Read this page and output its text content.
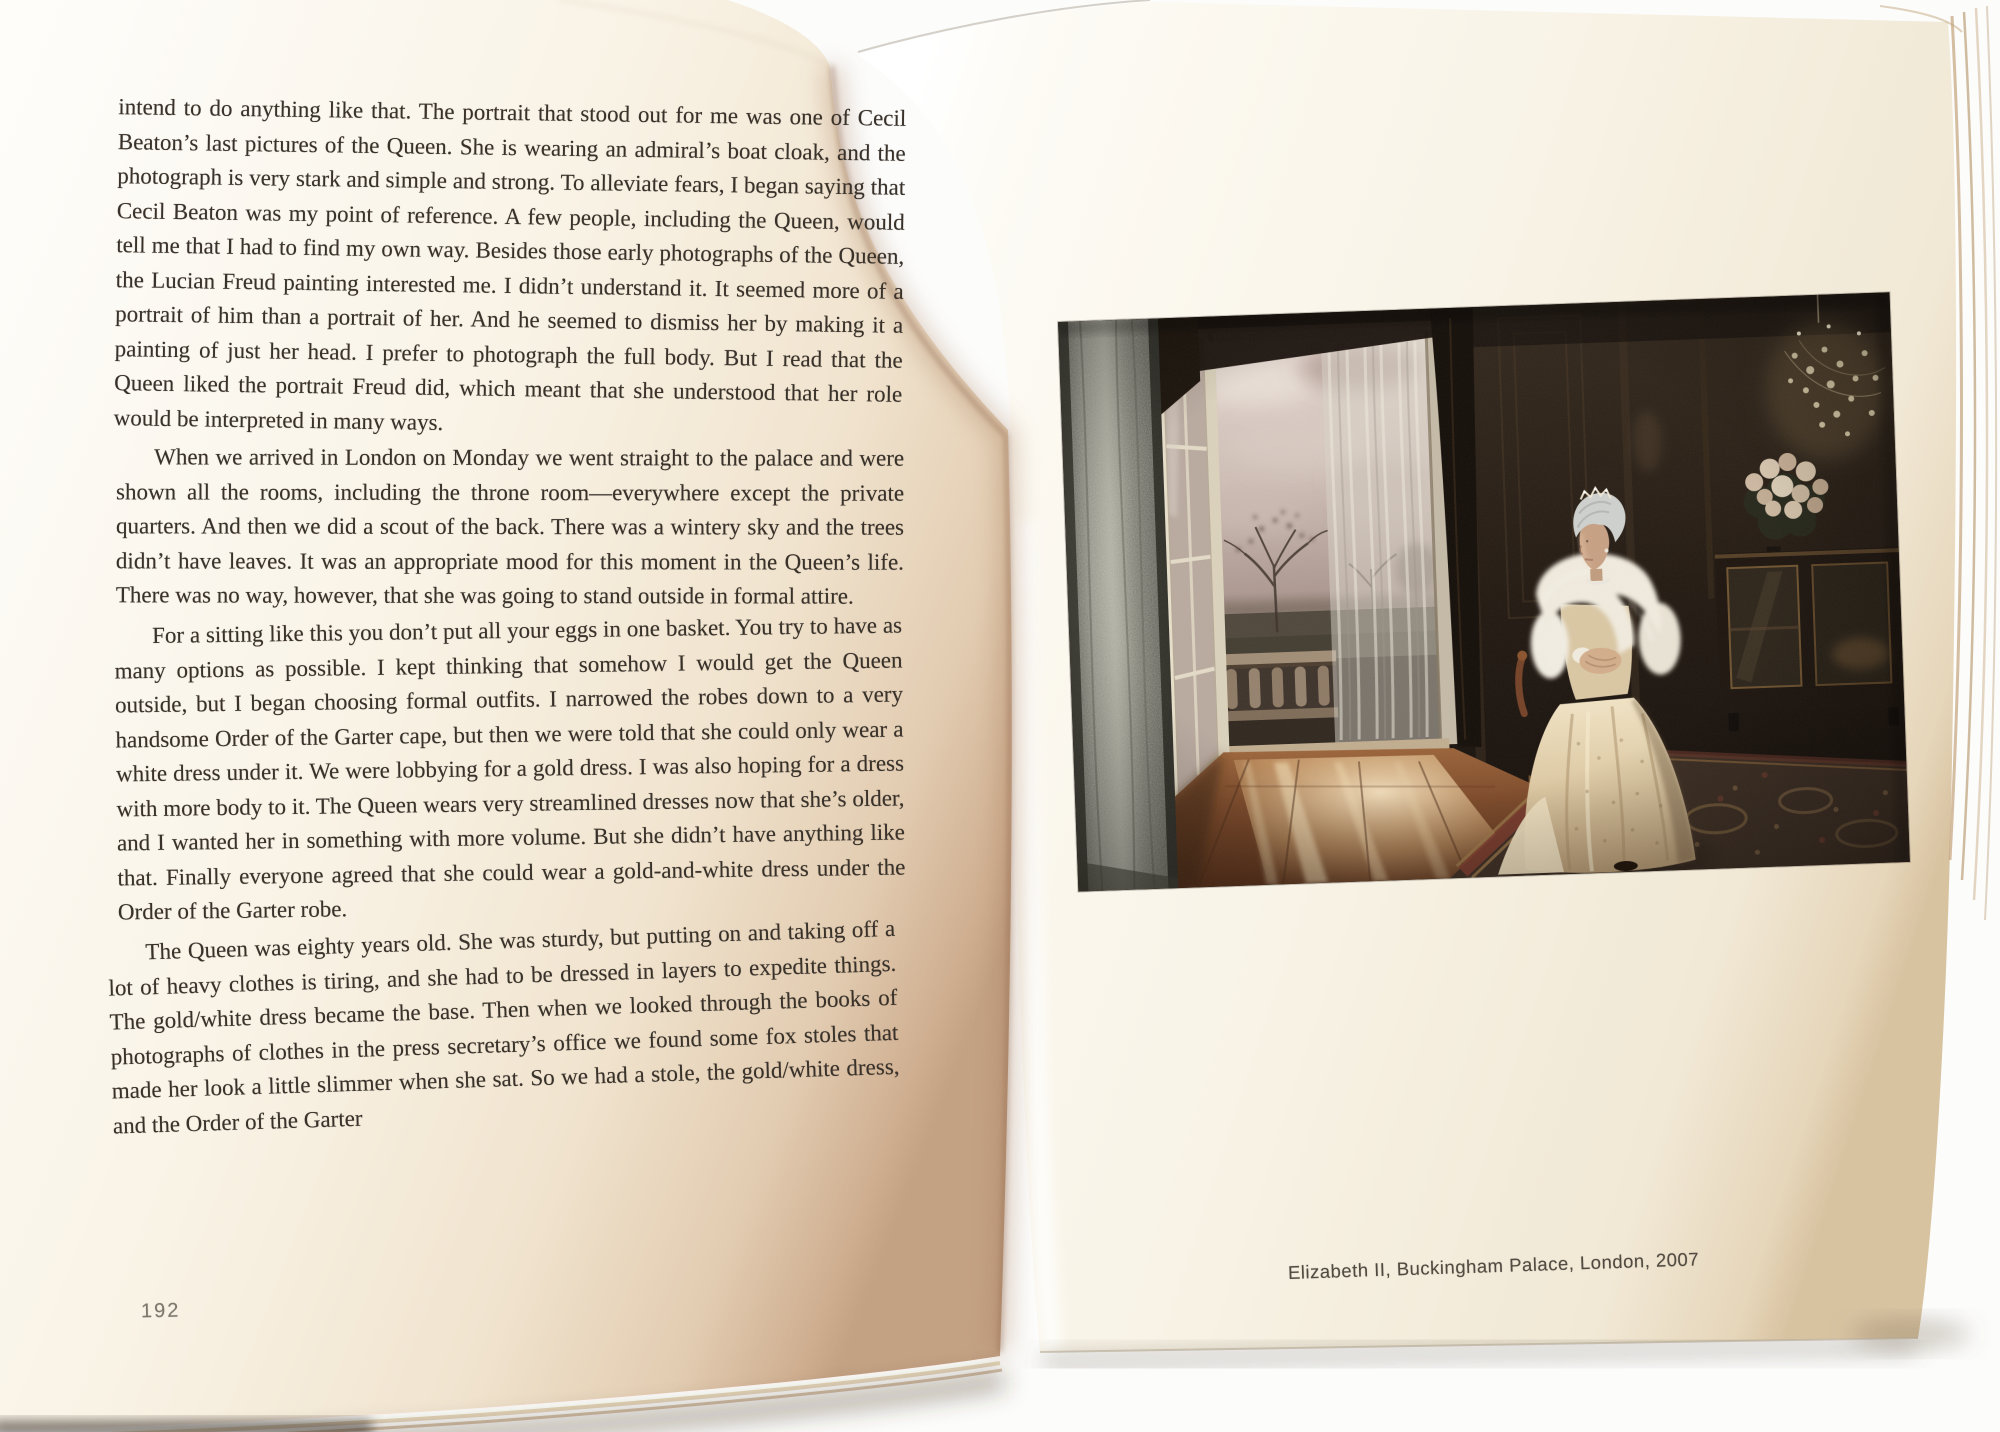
intend to do anything like that. The portrait that stood out for me was one of Cecil Beaton’s last pictures of the Queen. She is wearing an admiral’s boat cloak, and the photograph is very stark and simple and strong. To alleviate fears, I began saying that Cecil Beaton was my point of reference. A few people, including the Queen, would tell me that I had to find my own way. Besides those early photographs of the Queen, the Lucian Freud painting interested me. I didn’t understand it. It seemed more of a portrait of him than a portrait of her. And he seemed to dismiss her by making it a painting of just her head. I prefer to photograph the full body. But I read that the Queen liked the portrait Freud did, which meant that she understood that her role would be interpreted in many ways.

When we arrived in London on Monday we went straight to the palace and were shown all the rooms, including the throne room—everywhere except the private quarters. And then we did a scout of the back. There was a wintery sky and the trees didn’t have leaves. It was an appropriate mood for this moment in the Queen’s life. There was no way, however, that she was going to stand outside in formal attire.

For a sitting like this you don’t put all your eggs in one basket. You try to have as many options as possible. I kept thinking that somehow I would get the Queen outside, but I began choosing formal outfits. I narrowed the robes down to a very handsome Order of the Garter cape, but then we were told that she could only wear a white dress under it. We were lobbying for a gold dress. I was also hoping for a dress with more body to it. The Queen wears very streamlined dresses now that she’s older, and I wanted her in something with more volume. But she didn’t have anything like that. Finally everyone agreed that she could wear a gold-and-white dress under the Order of the Garter robe.

The Queen was eighty years old. She was sturdy, but putting on and taking off a lot of heavy clothes is tiring, and she had to be dressed in layers to expedite things. The gold/white dress became the base. Then when we looked through the books of photographs of clothes in the press secretary’s office we found some fox stoles that made her look a little slimmer when she sat. So we had a stole, the gold/white dress, and the Order of the Garter

192
Elizabeth II, Buckingham Palace, London, 2007
